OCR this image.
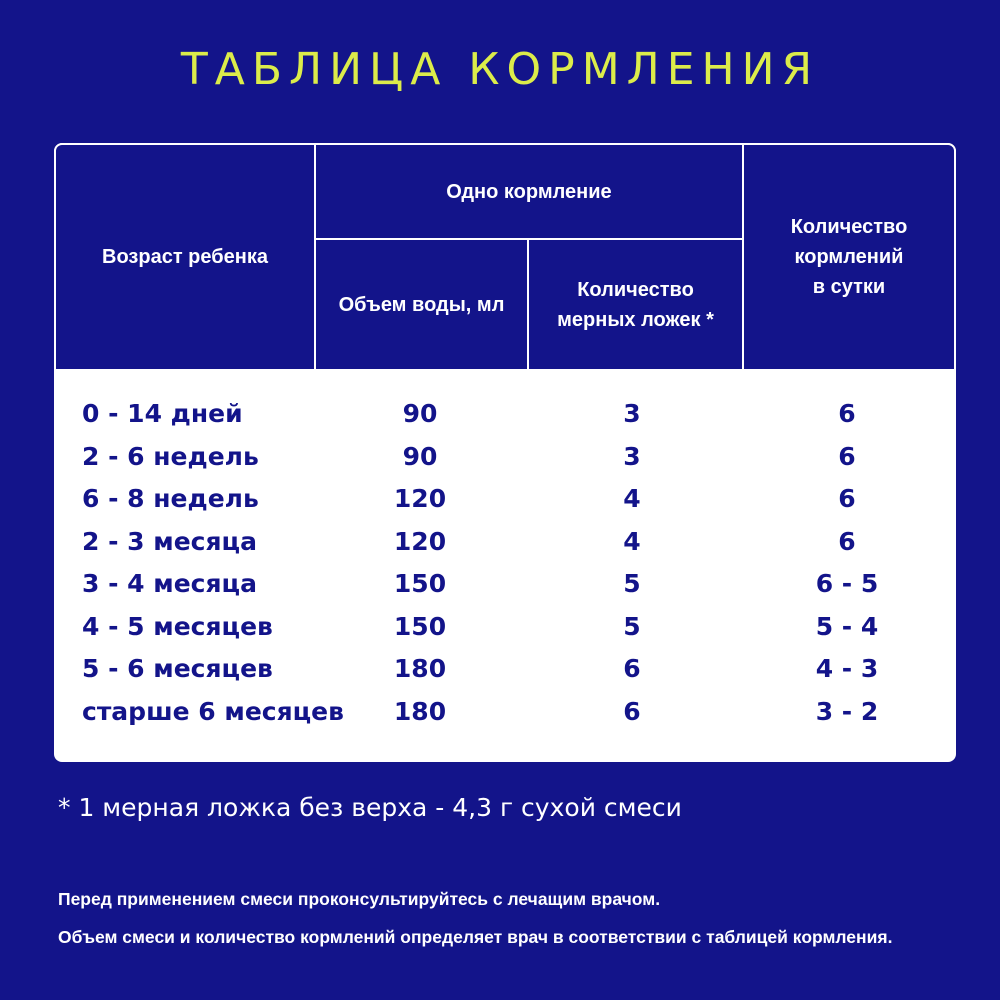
ТАБЛИЦА КОРМЛЕНИЯ
Возраст ребенка
Одно кормление
Объем воды, мл
Количество
мерных ложек *
Количество
кормлений
в сутки
0 - 14 дней	90	3	6
2 - 6 недель	90	3	6
6 - 8 недель	120	4	6
2 - 3 месяца	120	4	6
3 - 4 месяца	150	5	6 - 5
4 - 5 месяцев	150	5	5 - 4
5 - 6 месяцев	180	6	4 - 3
старше 6 месяцев	180	6	3 - 2
* 1 мерная ложка без верха - 4,3 г сухой смеси
Перед применением смеси проконсультируйтесь с лечащим врачом.
Объем смеси и количество кормлений определяет врач в соответствии с таблицей кормления.
